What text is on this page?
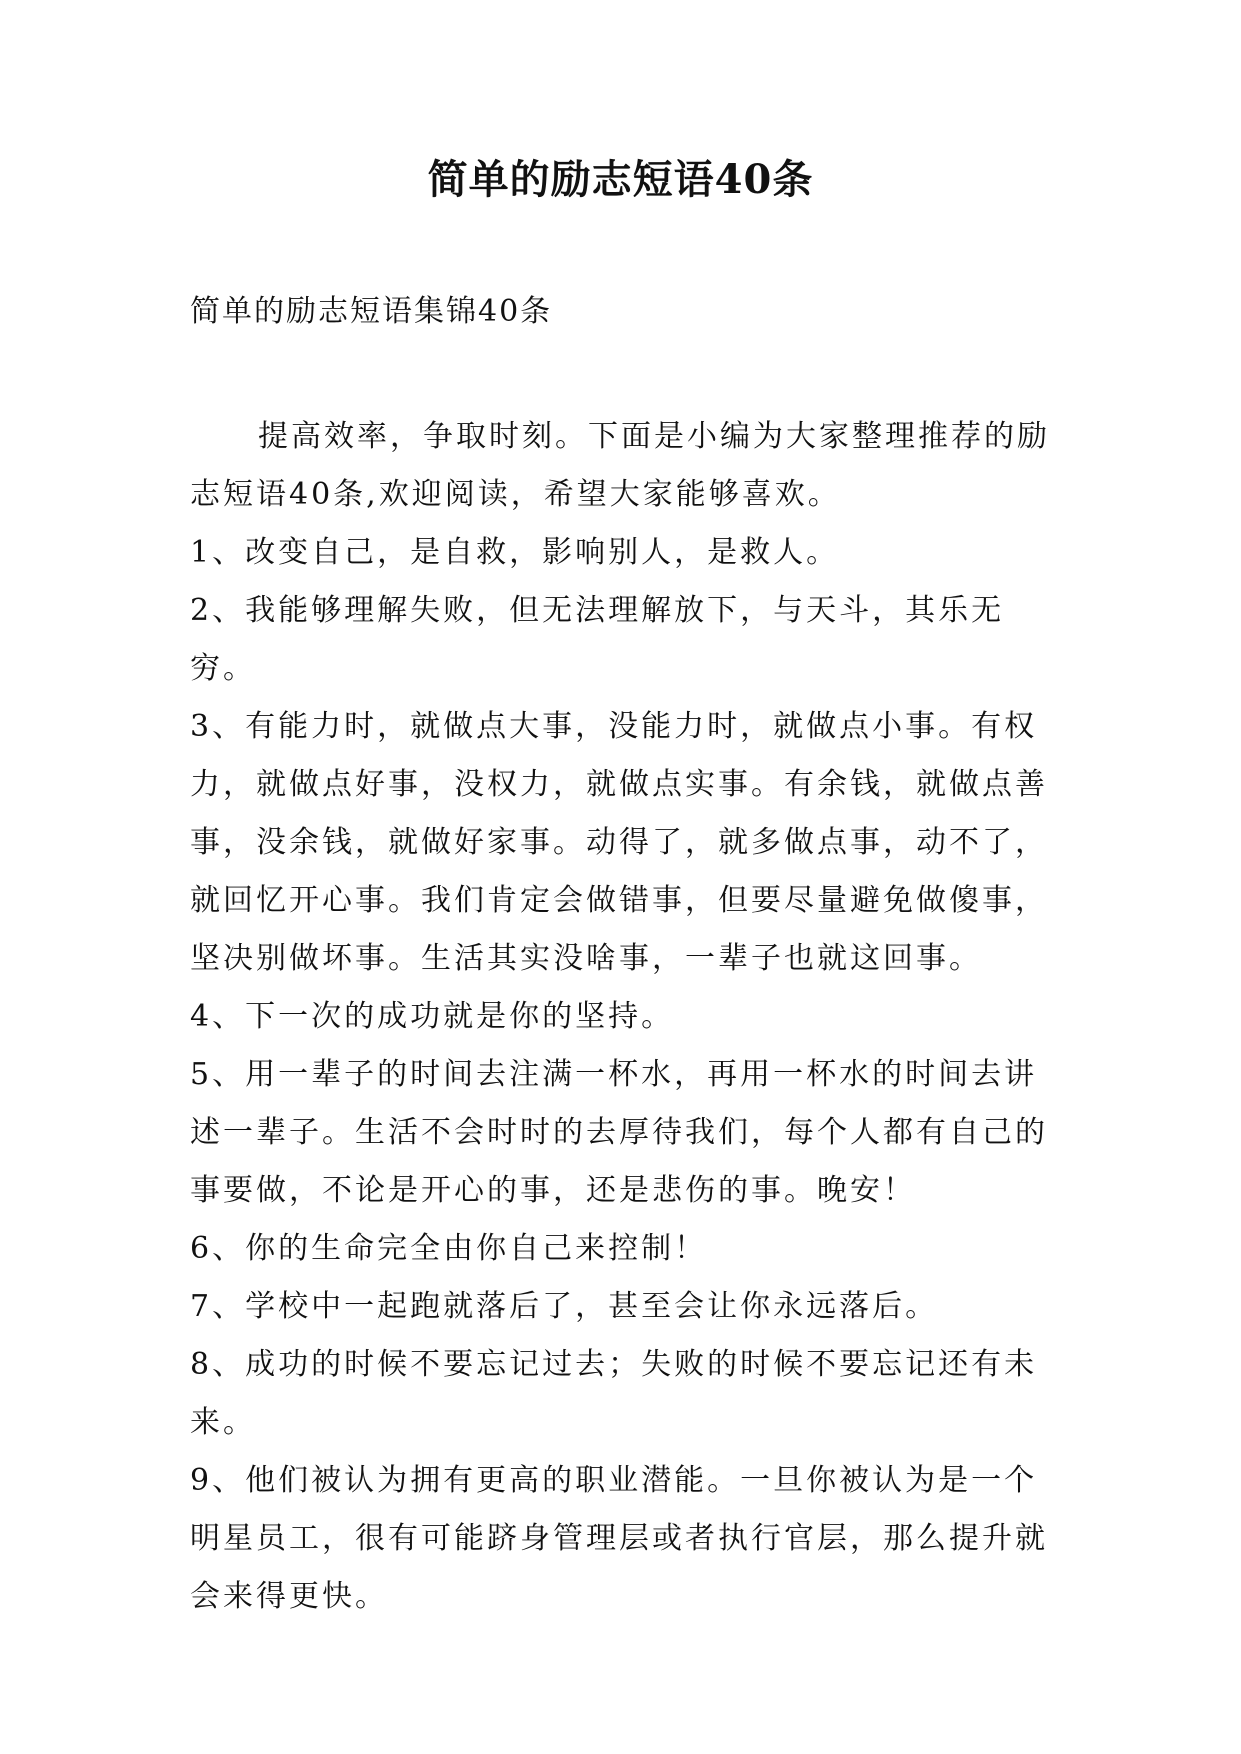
简单的励志短语40条
简单的励志短语集锦40条

提高效率，争取时刻。下面是小编为大家整理推荐的励志短语40条,欢迎阅读，希望大家能够喜欢。

1、改变自己，是自救，影响别人，是救人。

2、我能够理解失败，但无法理解放下，与天斗，其乐无穷。

3、有能力时，就做点大事，没能力时，就做点小事。有权力，就做点好事，没权力，就做点实事。有余钱，就做点善事，没余钱，就做好家事。动得了，就多做点事，动不了，就回忆开心事。我们肯定会做错事，但要尽量避免做傻事，坚决别做坏事。生活其实没啥事，一辈子也就这回事。

4、下一次的成功就是你的坚持。

5、用一辈子的时间去注满一杯水，再用一杯水的时间去讲述一辈子。生活不会时时的去厚待我们，每个人都有自己的事要做，不论是开心的事，还是悲伤的事。晚安！

6、你的生命完全由你自己来控制！

7、学校中一起跑就落后了，甚至会让你永远落后。

8、成功的时候不要忘记过去；失败的时候不要忘记还有未来。

9、他们被认为拥有更高的职业潜能。一旦你被认为是一个明星员工，很有可能跻身管理层或者执行官层，那么提升就会来得更快。
